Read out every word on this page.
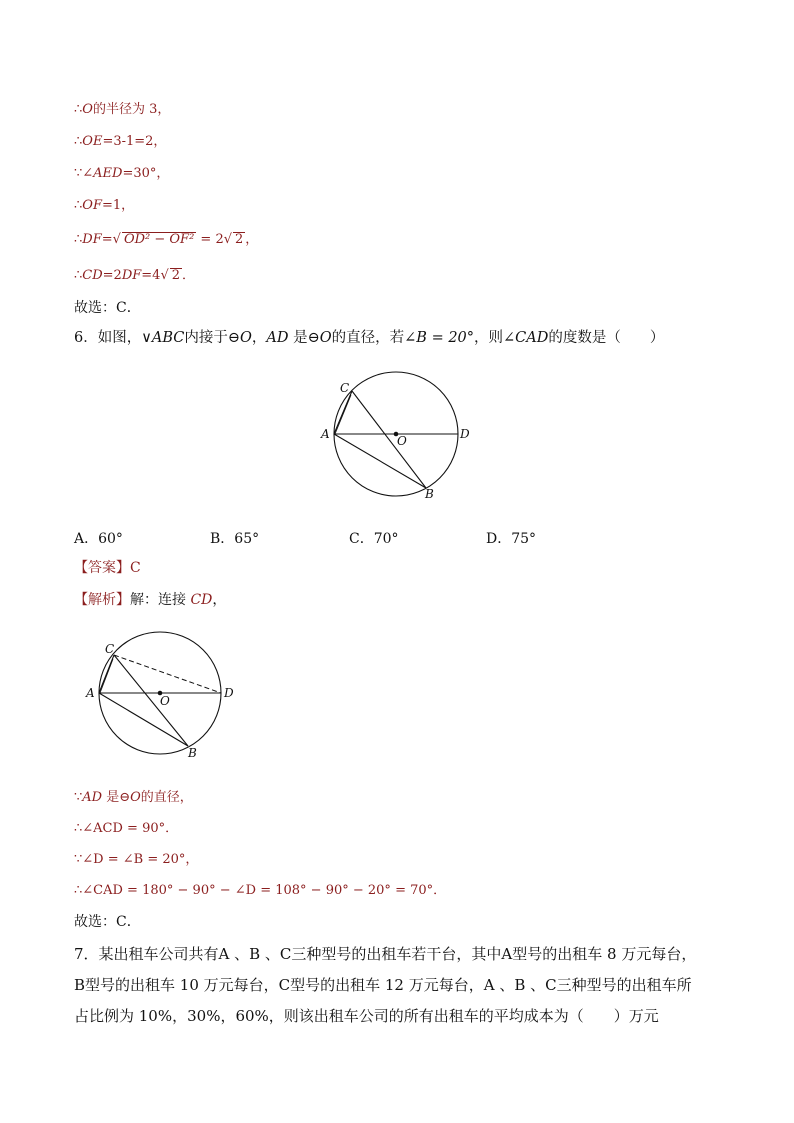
∴O的半径为 3，
∴OE=3-1=2，
∵∠AED=30°，
∴OF=1，
∴DF=√ OD² − OF² = 2√ 2 ，
∴CD=2DF=4√ 2 ．
故选：C．
6．如图，∨ABC内接于⊖O，AD 是⊖O的直径，若∠B = 20°，则∠CAD的度数是（　　）
C
A	D
O
B
A．60°	B．65°	C．70°	D．75°
【答案】C
【解析】解：连接 CD，
C
A	D
O
B
∵AD 是⊖O的直径，
∴∠ACD = 90°．
∵∠D = ∠B = 20°，
∴∠CAD = 180° − 90° − ∠D = 108° − 90° − 20° = 70°．
故选：C．
7．某出租车公司共有A 、B 、C三种型号的出租车若干台，其中A型号的出租车 8 万元每台，
B型号的出租车 10 万元每台，C型号的出租车 12 万元每台，A 、B 、C三种型号的出租车所
占比例为 10%，30%，60%，则该出租车公司的所有出租车的平均成本为（　　）万元
